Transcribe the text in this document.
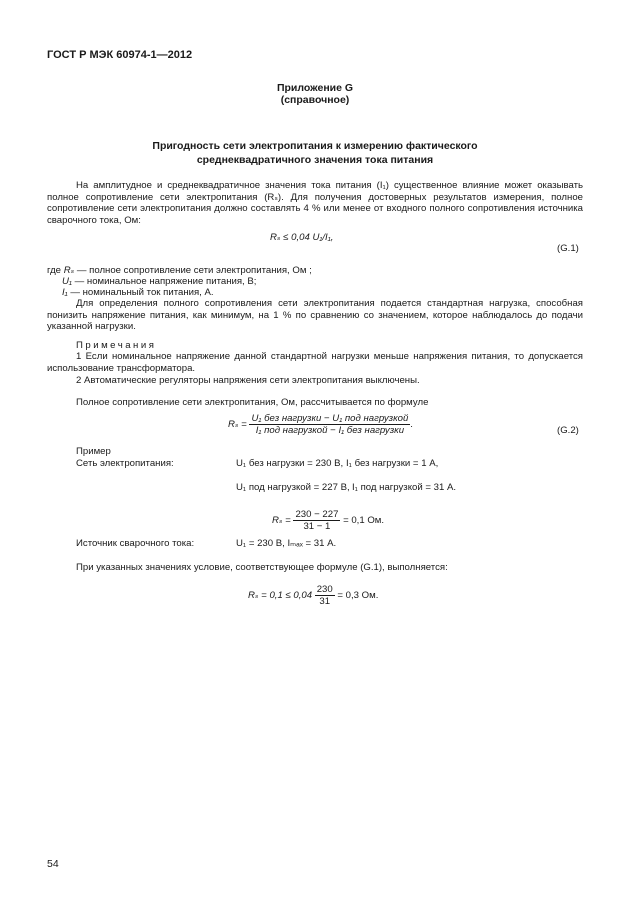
ГОСТ Р МЭК 60974-1—2012
Приложение G
(справочное)
Пригодность сети электропитания к измерению фактического
среднеквадратичного значения тока питания
На амплитудное и среднеквадратичное значения тока питания (I₁) существенное влияние может оказывать полное сопротивление сети электропитания (Rₛ). Для получения достоверных результатов измерения, полное сопротивление сети электропитания должно составлять 4 % или менее от входного полного сопротивления источника сварочного тока, Ом:
Rₛ ≤ 0,04 U₁/I₁,
(G.1)
где Rₛ — полное сопротивление сети электропитания, Ом ;
U₁ — номинальное напряжение питания, В;
I₁ — номинальный ток питания, А.
Для определения полного сопротивления сети электропитания подается стандартная нагрузка, способная понизить напряжение питания, как минимум, на 1 % по сравнению со значением, которое наблюдалось до подачи указанной нагрузки.
Примечания
1 Если номинальное напряжение данной стандартной нагрузки меньше напряжения питания, то допускается использование трансформатора.
2 Автоматические регуляторы напряжения сети электропитания выключены.
Полное сопротивление сети электропитания, Ом, рассчитывается по формуле
$R_s = \frac{\text{U₁ без нагрузки − U₁ под нагрузкой}}{\text{I₁ под нагрузкой − I₁ без нагрузки}}$ .
(G.2)
Пример
Сеть электропитания:	U₁ без нагрузки = 230 В, I₁ без нагрузки = 1 А,
U₁ под нагрузкой = 227 В, I₁ под нагрузкой = 31 А.
$R_s = \frac{230 - 227}{31 - 1} = 0,1$ Ом.
Источник сварочного тока:	U₁ = 230 В, Iₘₐₓ = 31 А.
При указанных значениях условие, соответствующее формуле (G.1), выполняется:
$R_s = 0,1 \le 0,04 \frac{230}{31} = 0,3$ Ом.
54
